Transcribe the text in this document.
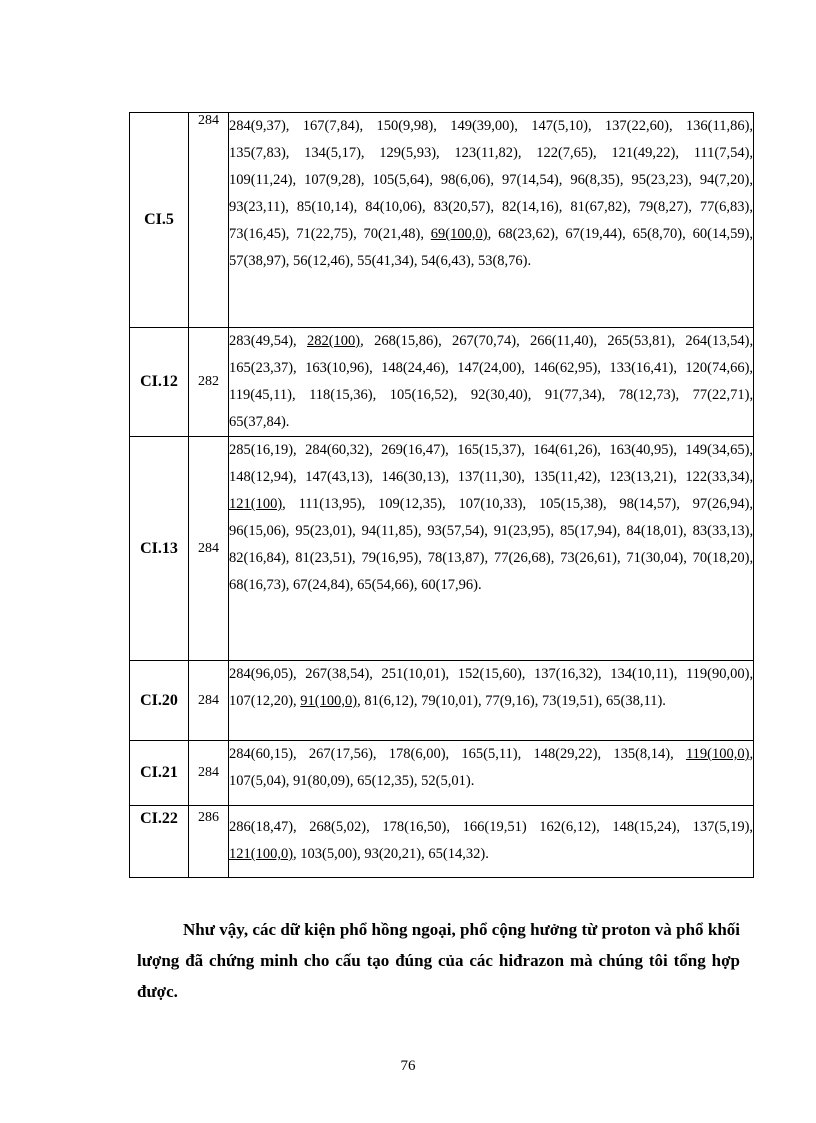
CI.5	284	284(9,37), 167(7,84), 150(9,98), 149(39,00), 147(5,10), 137(22,60), 136(11,86), 135(7,83), 134(5,17), 129(5,93), 123(11,82), 122(7,65), 121(49,22), 111(7,54), 109(11,24), 107(9,28), 105(5,64), 98(6,06), 97(14,54), 96(8,35), 95(23,23), 94(7,20), 93(23,11), 85(10,14), 84(10,06), 83(20,57), 82(14,16), 81(67,82), 79(8,27), 77(6,83), 73(16,45), 71(22,75), 70(21,48), 69(100,0), 68(23,62), 67(19,44), 65(8,70), 60(14,59), 57(38,97), 56(12,46), 55(41,34), 54(6,43), 53(8,76).
CI.12	282	283(49,54), 282(100), 268(15,86), 267(70,74), 266(11,40), 265(53,81), 264(13,54), 165(23,37), 163(10,96), 148(24,46), 147(24,00), 146(62,95), 133(16,41), 120(74,66), 119(45,11), 118(15,36), 105(16,52), 92(30,40), 91(77,34), 78(12,73), 77(22,71), 65(37,84).
CI.13	284	285(16,19), 284(60,32), 269(16,47), 165(15,37), 164(61,26), 163(40,95), 149(34,65), 148(12,94), 147(43,13), 146(30,13), 137(11,30), 135(11,42), 123(13,21), 122(33,34), 121(100), 111(13,95), 109(12,35), 107(10,33), 105(15,38), 98(14,57), 97(26,94), 96(15,06), 95(23,01), 94(11,85), 93(57,54), 91(23,95), 85(17,94), 84(18,01), 83(33,13), 82(16,84), 81(23,51), 79(16,95), 78(13,87), 77(26,68), 73(26,61), 71(30,04), 70(18,20), 68(16,73), 67(24,84), 65(54,66), 60(17,96).
CI.20	284	284(96,05), 267(38,54), 251(10,01), 152(15,60), 137(16,32), 134(10,11), 119(90,00), 107(12,20), 91(100,0), 81(6,12), 79(10,01), 77(9,16), 73(19,51), 65(38,11).
CI.21	284	284(60,15), 267(17,56), 178(6,00), 165(5,11), 148(29,22), 135(8,14), 119(100,0), 107(5,04), 91(80,09), 65(12,35), 52(5,01).
CI.22	286	286(18,47), 268(5,02), 178(16,50), 166(19,51) 162(6,12), 148(15,24), 137(5,19), 121(100,0), 103(5,00), 93(20,21), 65(14,32).

Như vậy, các dữ kiện phổ hồng ngoại, phổ cộng hưởng từ proton và phổ khối lượng đã chứng minh cho cấu tạo đúng của các hiđrazon mà chúng tôi tổng hợp được.

76
